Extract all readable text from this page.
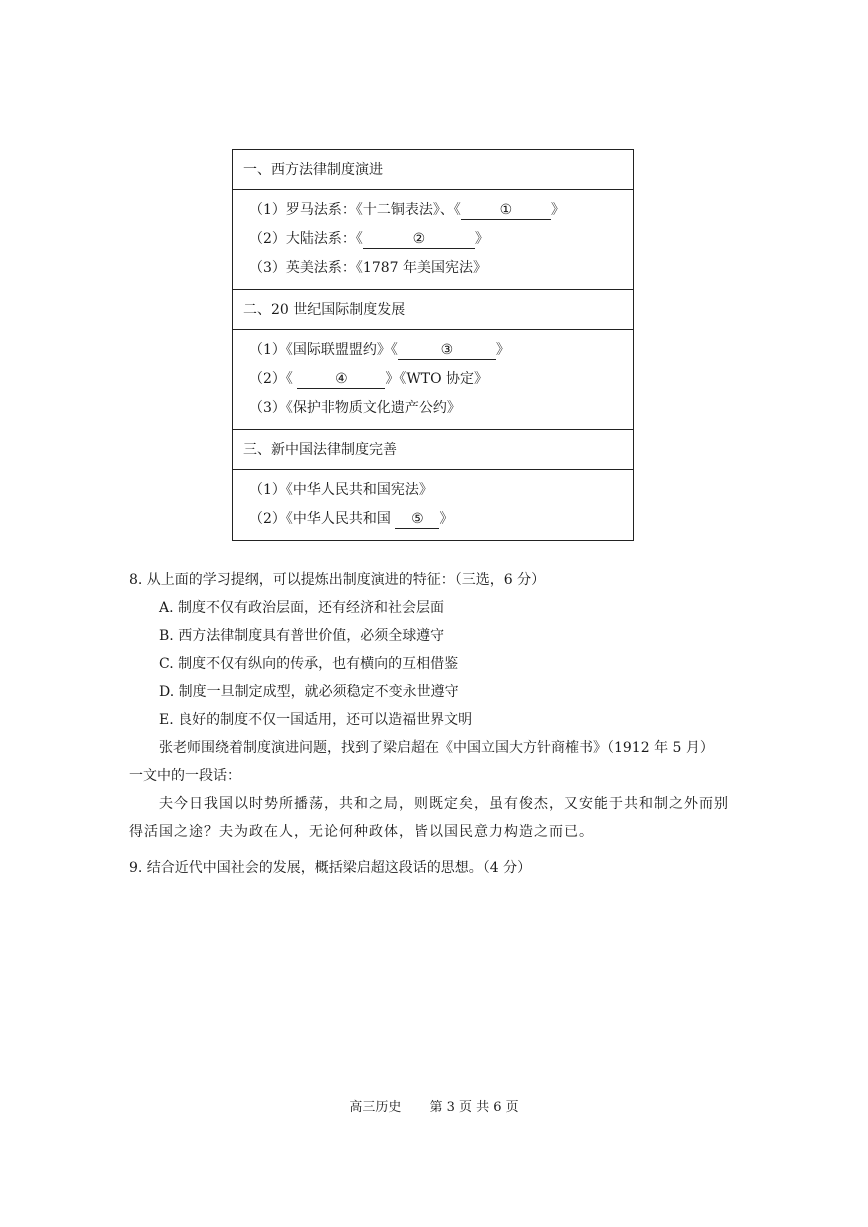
一、西方法律制度演进
（1）罗马法系：《十二铜表法》、《	①	》
（2）大陆法系：《	②	》
（3）英美法系：《1787 年美国宪法》
二、20 世纪国际制度发展
（1）《国际联盟盟约》《	③	》
（2）《	④	》《WTO 协定》
（3）《保护非物质文化遗产公约》
三、新中国法律制度完善
（1）《中华人民共和国宪法》
（2）《中华人民共和国 ⑤ 》
8. 从上面的学习提纲，可以提炼出制度演进的特征：（三选，6 分）
A. 制度不仅有政治层面，还有经济和社会层面
B. 西方法律制度具有普世价值，必须全球遵守
C. 制度不仅有纵向的传承，也有横向的互相借鉴
D. 制度一旦制定成型，就必须稳定不变永世遵守
E. 良好的制度不仅一国适用，还可以造福世界文明
张老师围绕着制度演进问题，找到了梁启超在《中国立国大方针商榷书》（1912 年 5 月）
一文中的一段话：
夫今日我国以时势所播荡，共和之局，则既定矣，虽有俊杰，又安能于共和制之外而别
得活国之途？夫为政在人，无论何种政体，皆以国民意力构造之而已。
9. 结合近代中国社会的发展，概括梁启超这段话的思想。（4 分）
高三历史 第 3 页 共 6 页
